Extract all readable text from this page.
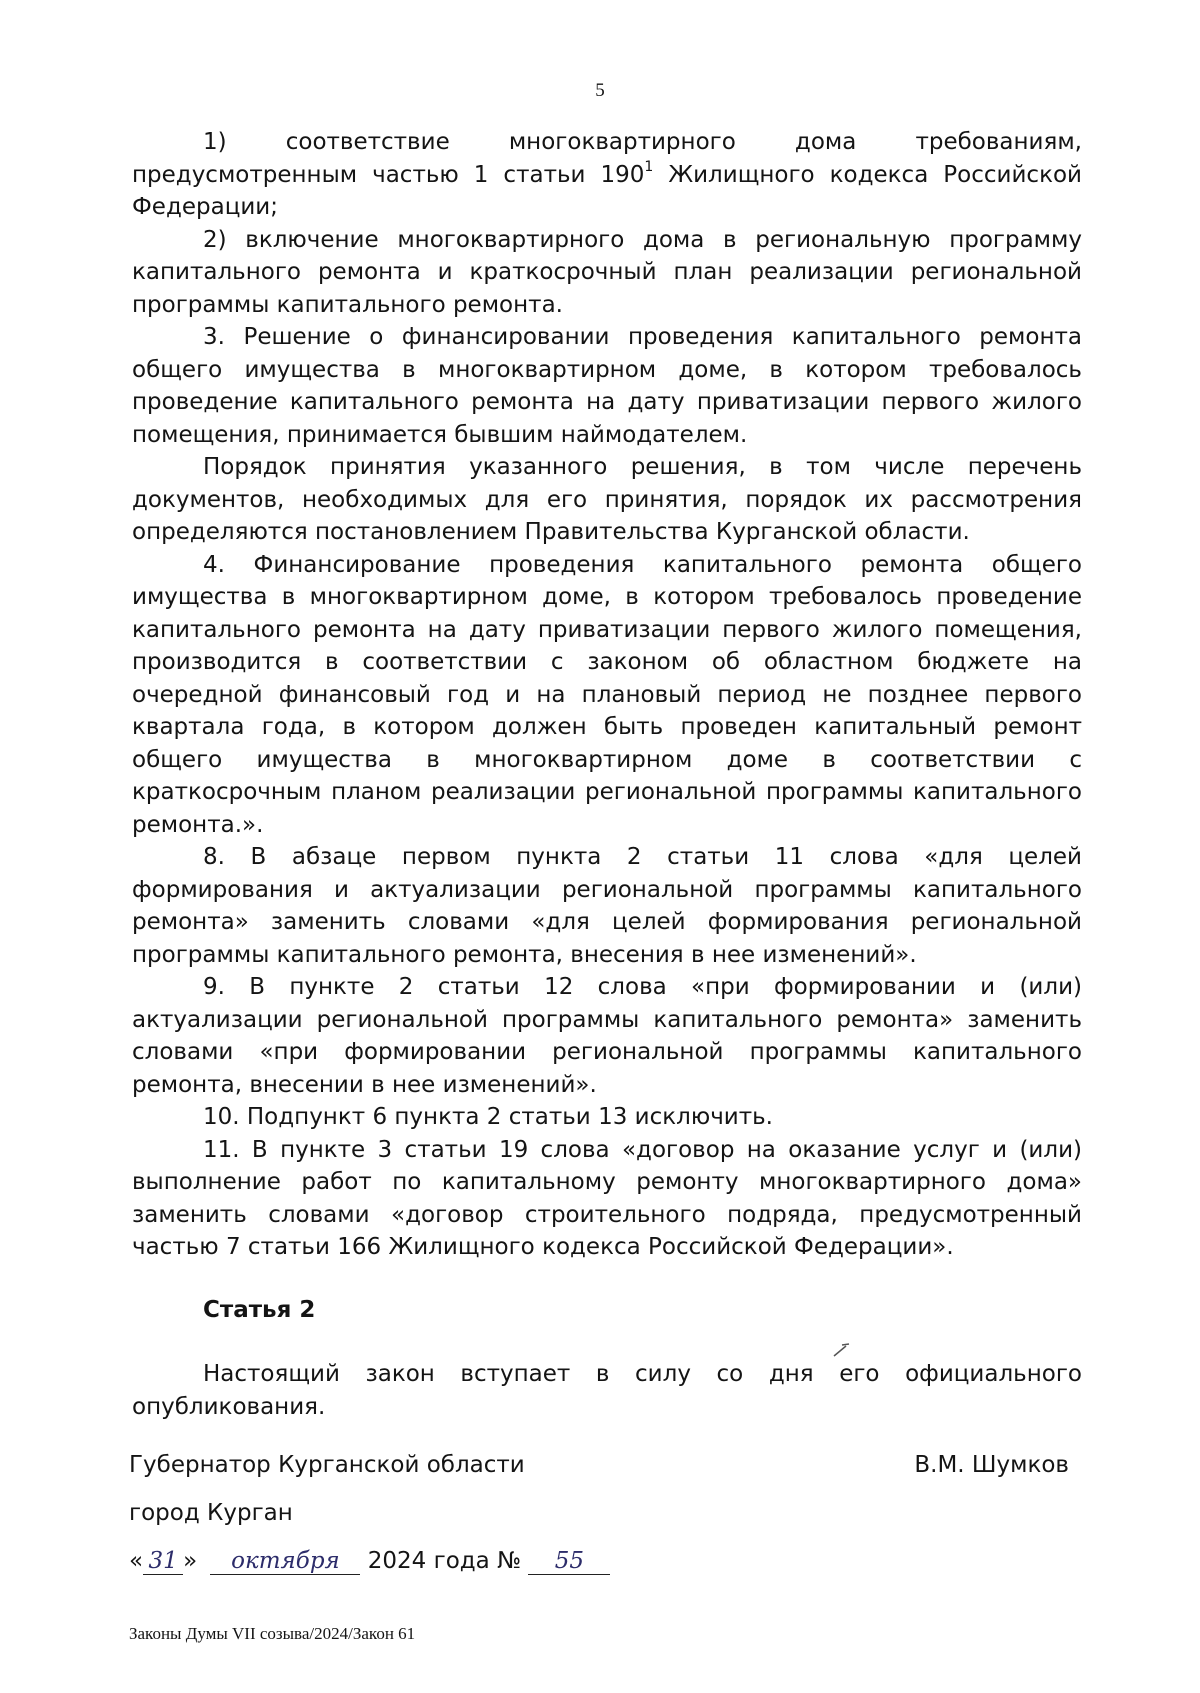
5

1) соответствие многоквартирного дома требованиям, предусмотренным частью 1 статьи $190^1$ Жилищного кодекса Российской Федерации;

2) включение многоквартирного дома в региональную программу капитального ремонта и краткосрочный план реализации региональной программы капитального ремонта.

3. Решение о финансировании проведения капитального ремонта общего имущества в многоквартирном доме, в котором требовалось проведение капитального ремонта на дату приватизации первого жилого помещения, принимается бывшим наймодателем.

Порядок принятия указанного решения, в том числе перечень документов, необходимых для его принятия, порядок их рассмотрения определяются постановлением Правительства Курганской области.

4. Финансирование проведения капитального ремонта общего имущества в многоквартирном доме, в котором требовалось проведение капитального ремонта на дату приватизации первого жилого помещения, производится в соответствии с законом об областном бюджете на очередной финансовый год и на плановый период не позднее первого квартала года, в котором должен быть проведен капитальный ремонт общего имущества в многоквартирном доме в соответствии с краткосрочным планом реализации региональной программы капитального ремонта.».

8. В абзаце первом пункта 2 статьи 11 слова «для целей формирования и актуализации региональной программы капитального ремонта» заменить словами «для целей формирования региональной программы капитального ремонта, внесения в нее изменений».

9. В пункте 2 статьи 12 слова «при формировании и (или) актуализации региональной программы капитального ремонта» заменить словами «при формировании региональной программы капитального ремонта, внесении в нее изменений».

10. Подпункт 6 пункта 2 статьи 13 исключить.

11. В пункте 3 статьи 19 слова «договор на оказание услуг и (или) выполнение работ по капитальному ремонту многоквартирного дома» заменить словами «договор строительного подряда, предусмотренный частью 7 статьи 166 Жилищного кодекса Российской Федерации».

Статья 2

Настоящий закон вступает в силу со дня его официального опубликования.

Губернатор Курганской области	В.М. Шумков
город Курган
« 31 » октября 2024 года № 55
Законы Думы VII созыва/2024/Закон 61
